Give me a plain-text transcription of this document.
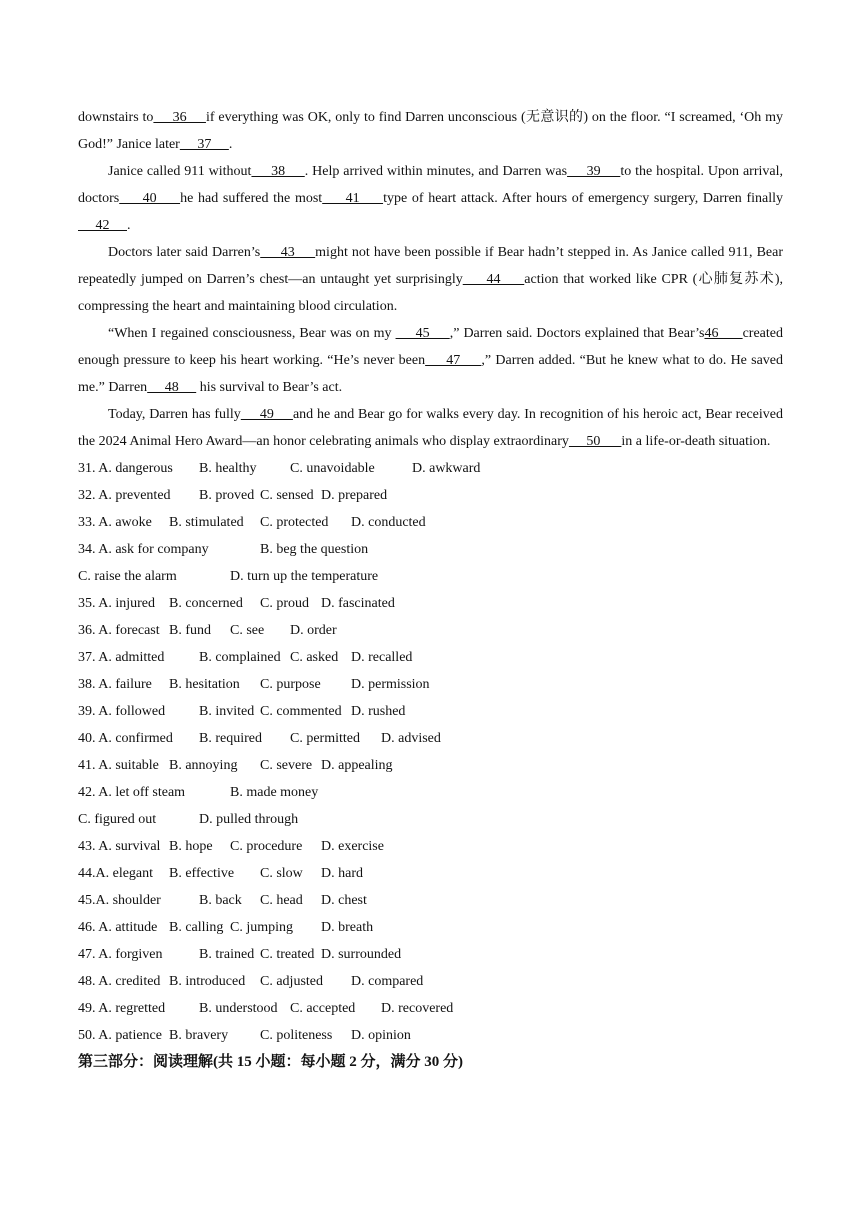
downstairs to     36     if everything was OK, only to find Darren unconscious (无意识的) on the floor. “I screamed, ‘Oh my God!” Janice later     37     .

Janice called 911 without     38     . Help arrived within minutes, and Darren was     39     to the hospital. Upon arrival, doctors     40     he had suffered the most     41     type of heart attack. After hours of emergency surgery, Darren finally     42     .

Doctors later said Darren’s     43     might not have been possible if Bear hadn’t stepped in. As Janice called 911, Bear repeatedly jumped on Darren’s chest—an untaught yet surprisingly     44     action that worked like CPR (心肺复苏术), compressing the heart and maintaining blood circulation.

“When I regained consciousness, Bear was on my      45     ,” Darren said. Doctors explained that Bear’s46      created enough pressure to keep his heart working. “He’s never been     47     ,” Darren added. “But he knew what to do. He saved me.” Darren     48      his survival to Bear’s act.

Today, Darren has fully     49     and he and Bear go for walks every day. In recognition of his heroic act, Bear received the 2024 Animal Hero Award—an honor celebrating animals who display extraordinary     50      in a life-or-death situation.

31. A. dangerous B. healthy C. unavoidable	D. awkward
32. A. prevented B. proved C. sensed D. prepared
33. A. awoke B. stimulated C. protected D. conducted
34. A. ask for company	B. beg the question
C. raise the alarm	D. turn up the temperature
35. A. injured B. concerned C. proud D. fascinated
36. A. forecast B. fund C. see D. order
37. A. admitted B. complained C. asked D. recalled
38. A. failure B. hesitation C. purpose D. permission
39. A. followed B. invited C. commented D. rushed
40. A. confirmed B. required C. permitted D. advised
41. A. suitable B. annoying C. severe D. appealing
42. A. let off steam	B. made money
C. figured out	D. pulled through
43. A. survival B. hope C. procedure D. exercise
44.A. elegant B. effective C. slow D. hard
45.A. shoulder	B. back C. head D. chest
46. A. attitude B. calling C. jumping D. breath
47. A. forgiven	B. trained C. treated D. surrounded
48. A. credited B. introduced C. adjusted D. compared
49. A. regretted B. understood C. accepted D. recovered
50. A. patience B. bravery C. politeness D. opinion
第三部分：阅读理解(共 15 小题：每小题 2 分，满分 30 分)
